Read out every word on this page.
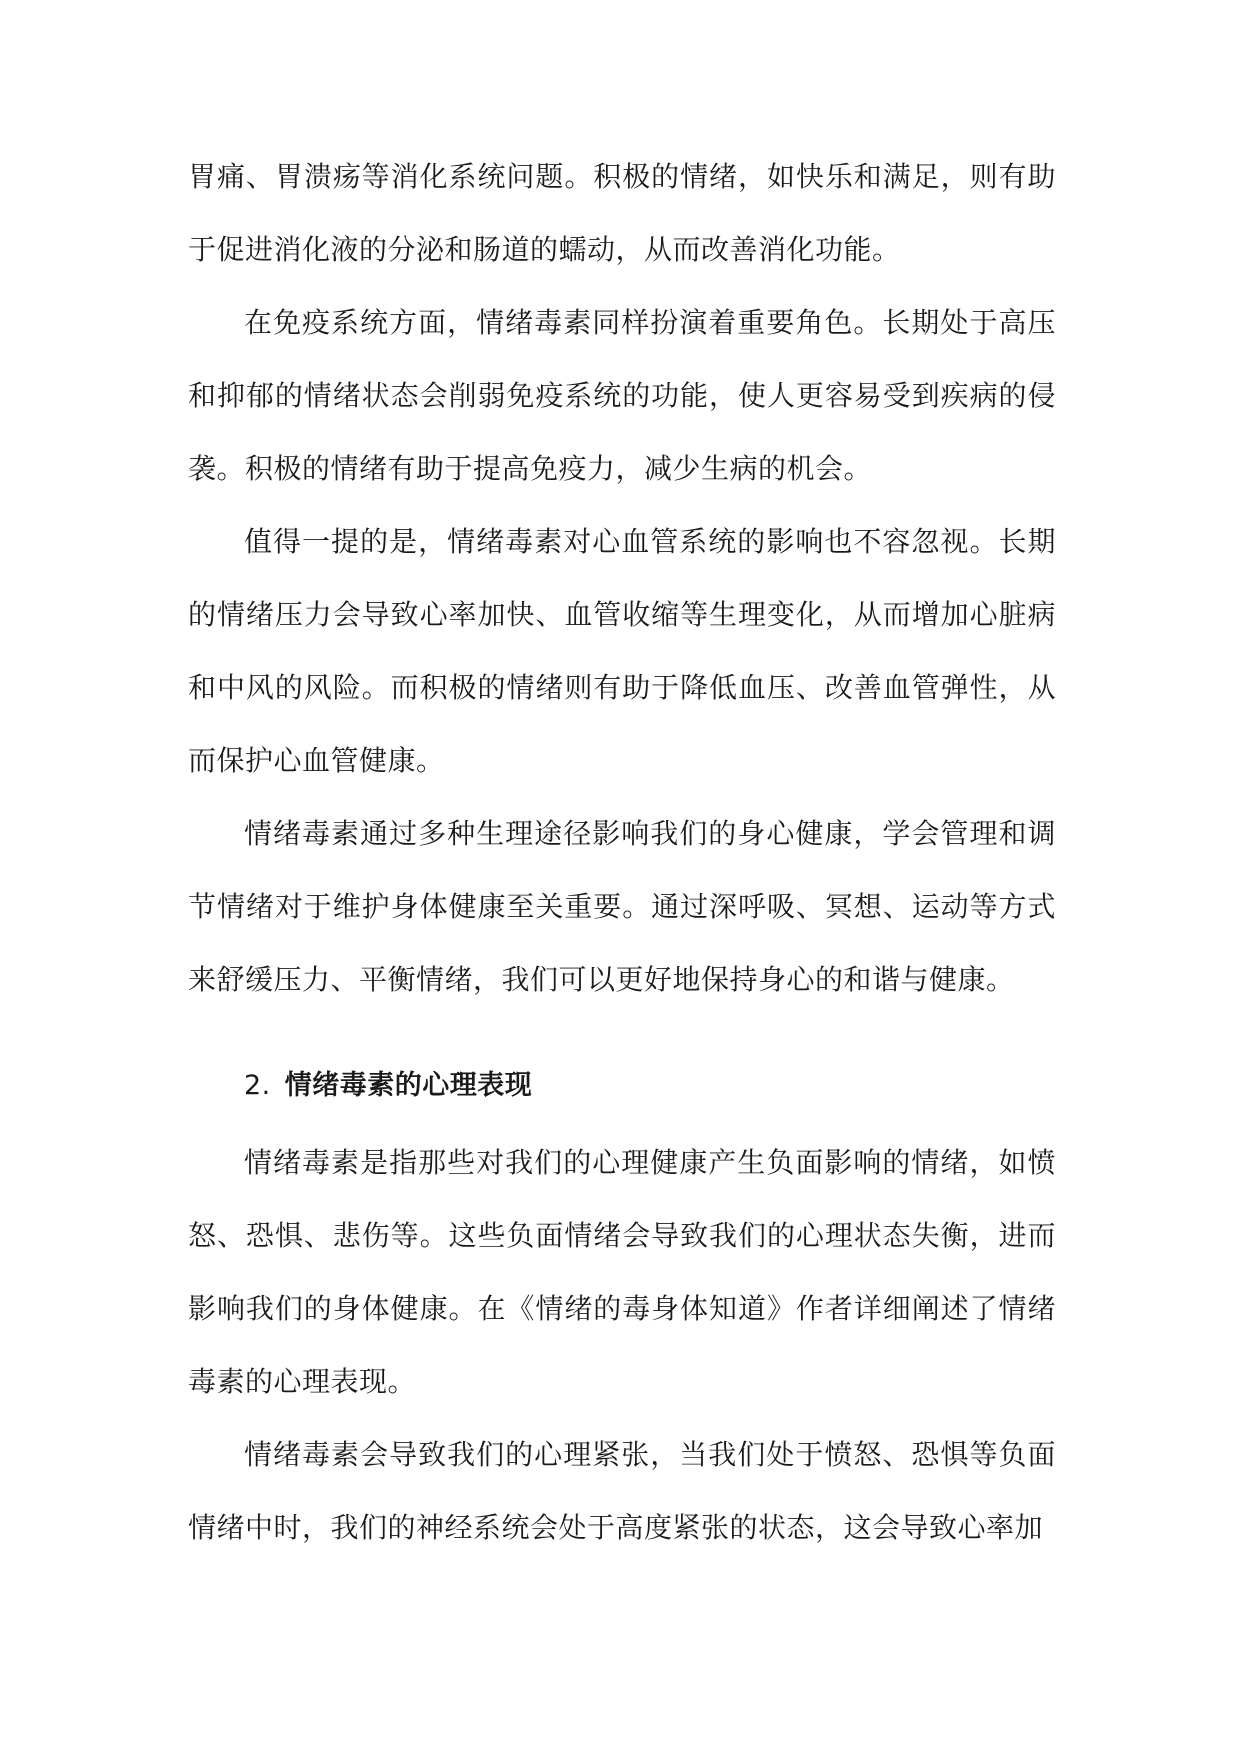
胃痛、胃溃疡等消化系统问题。积极的情绪，如快乐和满足，则有助于促进消化液的分泌和肠道的蠕动，从而改善消化功能。

在免疫系统方面，情绪毒素同样扮演着重要角色。长期处于高压和抑郁的情绪状态会削弱免疫系统的功能，使人更容易受到疾病的侵袭。积极的情绪有助于提高免疫力，减少生病的机会。

值得一提的是，情绪毒素对心血管系统的影响也不容忽视。长期的情绪压力会导致心率加快、血管收缩等生理变化，从而增加心脏病和中风的风险。而积极的情绪则有助于降低血压、改善血管弹性，从而保护心血管健康。

情绪毒素通过多种生理途径影响我们的身心健康，学会管理和调节情绪对于维护身体健康至关重要。通过深呼吸、冥想、运动等方式来舒缓压力、平衡情绪，我们可以更好地保持身心的和谐与健康。

2. 情绪毒素的心理表现

情绪毒素是指那些对我们的心理健康产生负面影响的情绪，如愤怒、恐惧、悲伤等。这些负面情绪会导致我们的心理状态失衡，进而影响我们的身体健康。在《情绪的毒身体知道》作者详细阐述了情绪毒素的心理表现。

情绪毒素会导致我们的心理紧张，当我们处于愤怒、恐惧等负面情绪中时，我们的神经系统会处于高度紧张的状态，这会导致心率加
